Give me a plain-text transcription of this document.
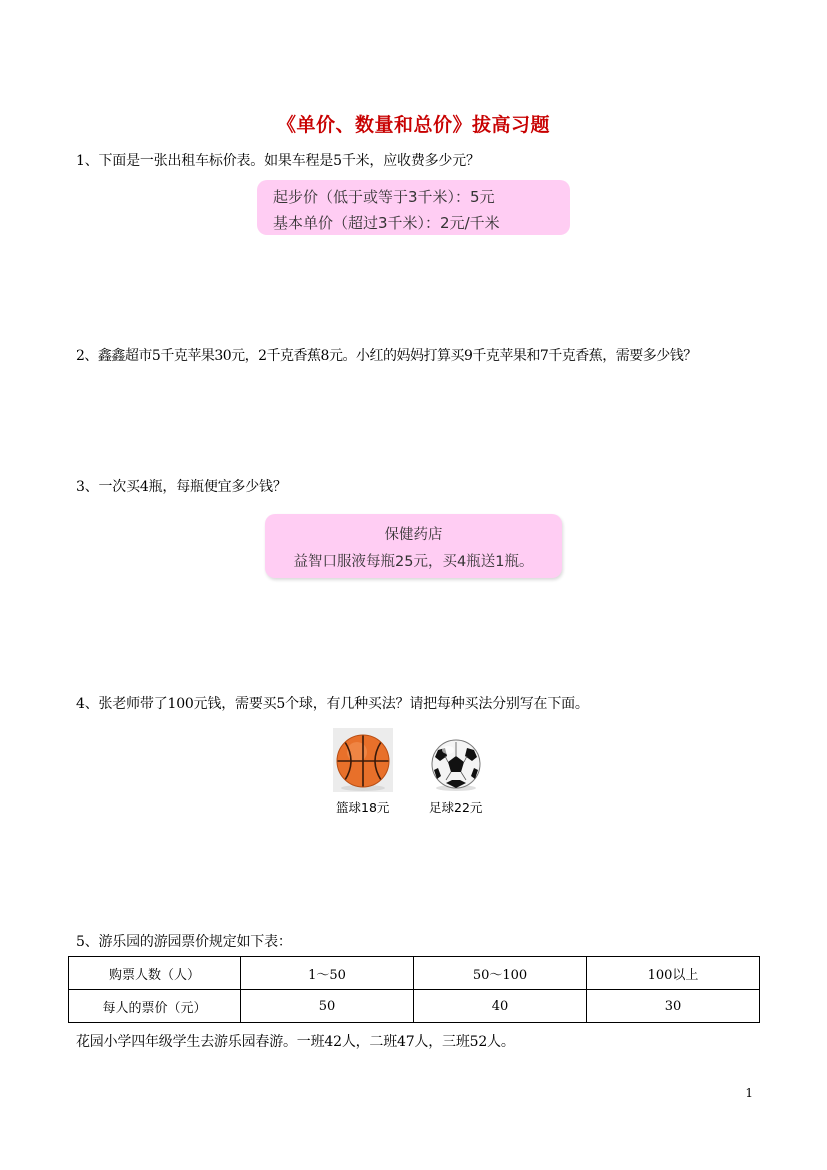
《单价、数量和总价》拔高习题
1、下面是一张出租车标价表。如果车程是5千米，应收费多少元？
起步价（低于或等于3千米）：5元
基本单价（超过3千米）：2元/千米
2、鑫鑫超市5千克苹果30元，2千克香蕉8元。小红的妈妈打算买9千克苹果和7千克香蕉，需要多少钱？
3、一次买4瓶，每瓶便宜多少钱？
保健药店
益智口服液每瓶25元，买4瓶送1瓶。
4、张老师带了100元钱，需要买5个球，有几种买法？请把每种买法分别写在下面。
篮球18元	足球22元
5、游乐园的游园票价规定如下表：
购票人数（人）	1～50	50～100	100以上
每人的票价（元）	50	40	30
花园小学四年级学生去游乐园春游。一班42人，二班47人，三班52人。
1
